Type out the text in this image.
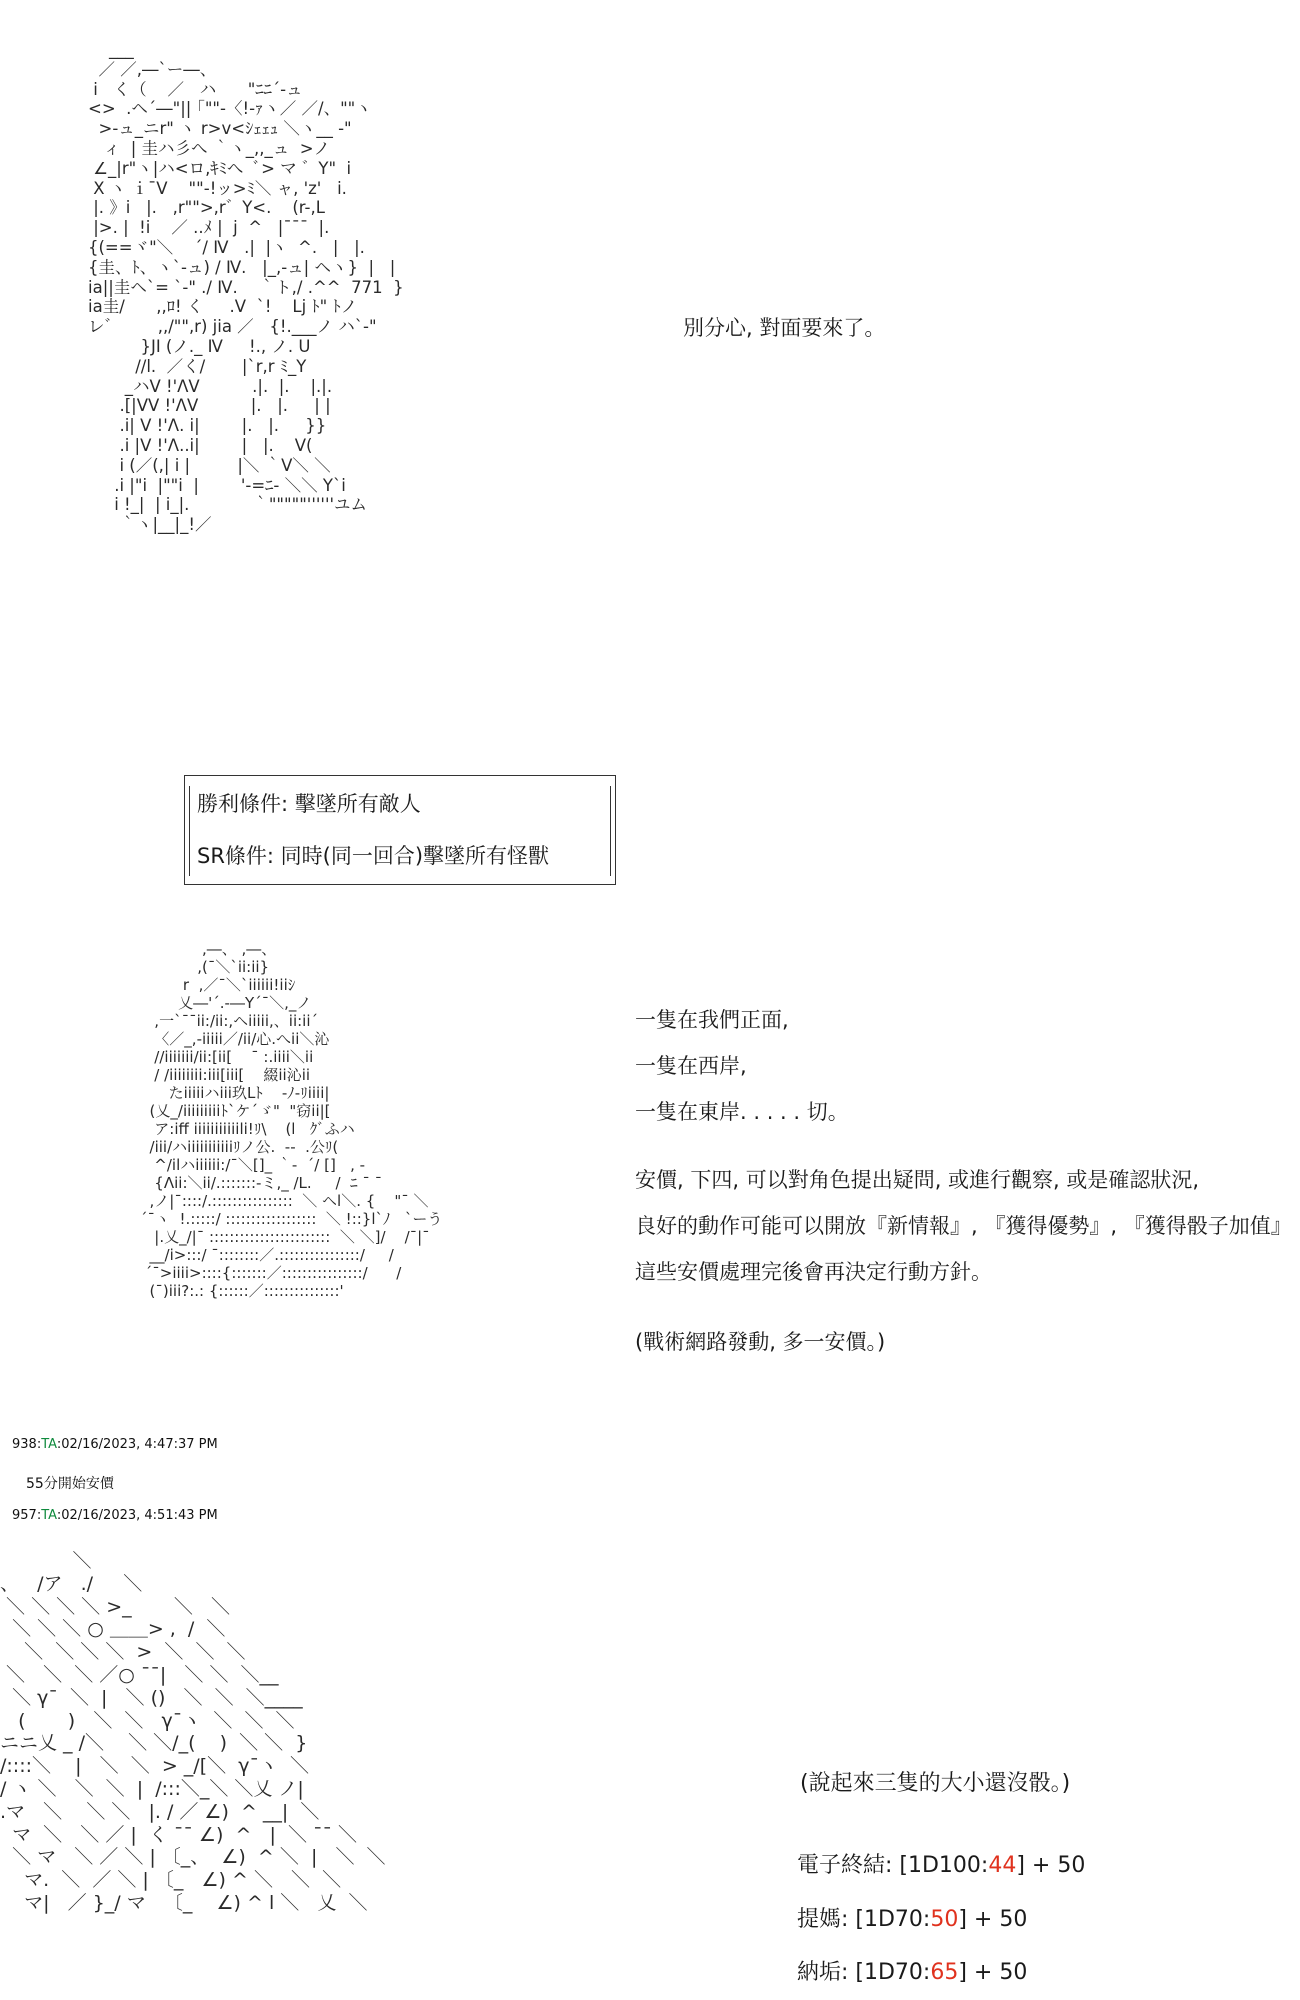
___
／ ／,―`ー―、
i   く（    ／   ハ      "ﾆﾆ´-ュ
<>  .ヘ´―"|| ｢""-〈!-ｧヽ／ ／/、""ヽ
>-ュ_ニr" ヽ r>v<ｼｪｪｭ ＼ヽ__ -"
ィ  | 圭ハ彡へ ｀ヽ_,,_ュ  >ノ
∠_|r"ヽ|ハ<ロ,ｷﾐへ  ﾞ> マ ゛Y"  i
X ヽ ｉ¯V    ""-!ッ>ﾐ＼ ャ, 'z'   i.
|. 》i   |.   ,r"">,r゛Y<.    (r-,L
|>. |  !i    ／ ..ﾒ |  j  ^   |¯¯¯  |.
{(==ヾ"＼    ´/ Ⅳ   .|  |ヽ  ^.   |   |.
{圭、ﾄ、ヽ`-ュ) / Ⅳ.   |_,-ュ| ヘヽ}  |   |
ia||圭ヘ`= `-" ./ Ⅳ.    ｀ト,/ .^^  771  }
ia圭/      ,,ﾛ! く     .V  `!    Lj ﾄ" ﾄノ
レ゛       ,,/"",r) jia ／   {!.___ノ ハ`-"
}JI (ノ._ Ⅳ     !., ノ. U
//l.  ／く/       |`r,r ﾐ_Y
_ハV !'ΛV          .|.  |.    |.|.
.[|VV !'ΛV          |.   |.     | |
.i| V !'Λ. i|        |.   |.     }}
.i |V !'Λ..i|        |   |.    V(
i (／(,| i |         |＼ ｀V＼ ＼
.i |"i  |""i  |        '-=ﾆ- ＼＼ Y`i
i !_|  | i_|.            ｀"""""''''''ユム
｀ヽ|__|_!／
別分心, 對面要來了。
勝利條件: 擊墜所有敵人
SR條件: 同時(同一回合)擊墜所有怪獸
,―、 ,―、
,(¯＼`ii:ii}
r  ,／¯＼`iiiiii!iiｼ
乂―'´.-―Y´¯＼,_ノ
,一`¯¯ii:/ii:,ヘiiiii,、ii:ii´
〈／_,-iiiii／/ii/心.へii＼沁
//iiiiiii/ii:[ii[    ¯ :.iiii＼ii
/ /iiiiiiii:iii[iii[    綴ii沁ii
たiiiiiハiii玖Lﾄ    -ﾉ-ﾘiiii|
(乂_/iiiiiiiiiﾄ`ケ´ゞ"  "窃ii|[
ア:iff iiiiiiiiiiili!ﾘ\    (l   ｸﾞふハ
/iii/ハiiiiiiiiiiiﾘノ公.  -‐  .公ﾘ(
^/ilハiiiiii:/¯＼[]_ ｀-  ´/ []   , -
{Λii:＼ii/.:::::::-ミ,_ /L.     /  ﾆ ¯ ¯
,ノ|¯::::/.::::::::::::::::  ＼ ヘl＼. {    "¯ ＼
´¯ヽ  !.:::::/ ::::::::::::::::::  ＼ !::}l`ﾉ   `ーう
|.乂_/|¯ ::::::::::::::::::::::::  ＼ ＼]/    /¯|¯
__/i>:::/ ¯::::::::／.::::::::::::::::/     /
´¯>iiii>::::{:::::::／::::::::::::::::/      /
(¯)iii?:.: {::::::／:::::::::::::::'
一隻在我們正面,
一隻在西岸,
一隻在東岸. . . . . 切。
安價, 下四, 可以對角色提出疑問, 或進行觀察, 或是確認狀況,
良好的動作可能可以開放『新情報』, 『獲得優勢』, 『獲得骰子加值』
這些安價處理完後會再決定行動方針。
(戰術網路發動, 多一安價。)
938:TA:02/16/2023, 4:47:37 PM
55分開始安價
957:TA:02/16/2023, 4:51:43 PM
＼
、   /ア   ./     ＼
＼ ＼ ＼ ＼ >_       ＼   ＼
＼ ＼ ＼ ○ ＿＿> ,  /  ＼
＼  ＼ ＼ ＼  >  ＼  ＼  ＼
＼   ＼  ＼ ／○ ¯¯|   ＼ ＼  ＼__
＼ γ¯  ＼  |   ＼ ()   ＼  ＼  ＼____
(       )   ＼  ＼   γ¯ヽ  ＼  ＼  ＼
ニニ乂 _ /＼    ＼ ＼/_(    )  ＼ ＼  }
/::::＼    |   ＼  ＼  > _/[＼  γ¯ヽ  ＼
/ ヽ ＼   ＼  ＼  |  /:::＼_＼ ＼乂 ノ|
.マ   ＼    ＼ ＼   |. / ／ ∠)  ^ __|  ＼
マ  ＼   ＼ ／ |  く ¯¯ ∠)  ^   |  ＼ ¯¯ ＼
＼ マ   ＼ ／ ＼ | 〔_、  ∠)  ^ ＼  |   ＼  ＼
マ.  ＼  ／ ＼ | 〔_   ∠) ^ ＼   ＼  ＼
マ|   ／ }_/ マ   〔_    ∠) ^ l ＼   乂  ＼
(說起來三隻的大小還沒骰。)
電子終結: [1D100:44] + 50
提媽: [1D70:50] + 50
納垢: [1D70:65] + 50
